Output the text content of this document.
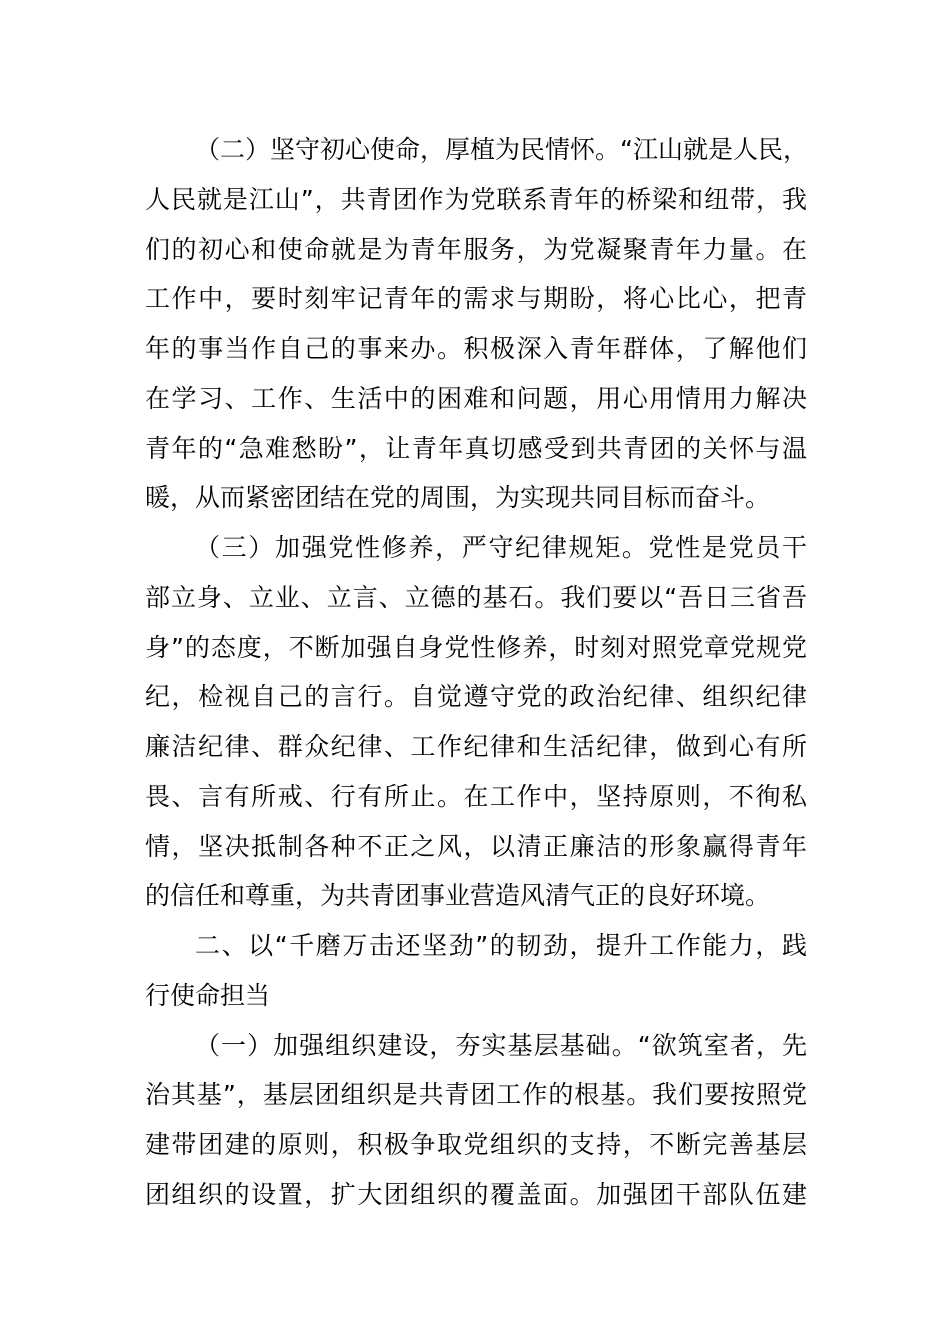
（二）坚守初心使命，厚植为民情怀。“江山就是人民，
人民就是江山”，共青团作为党联系青年的桥梁和纽带，我
们的初心和使命就是为青年服务，为党凝聚青年力量。在
工作中，要时刻牢记青年的需求与期盼，将心比心，把青
年的事当作自己的事来办。积极深入青年群体，了解他们
在学习、工作、生活中的困难和问题，用心用情用力解决
青年的“急难愁盼”，让青年真切感受到共青团的关怀与温
暖，从而紧密团结在党的周围，为实现共同目标而奋斗。
（三）加强党性修养，严守纪律规矩。党性是党员干
部立身、立业、立言、立德的基石。我们要以“吾日三省吾
身”的态度，不断加强自身党性修养，时刻对照党章党规党
纪，检视自己的言行。自觉遵守党的政治纪律、组织纪律
廉洁纪律、群众纪律、工作纪律和生活纪律，做到心有所
畏、言有所戒、行有所止。在工作中，坚持原则，不徇私
情，坚决抵制各种不正之风，以清正廉洁的形象赢得青年
的信任和尊重，为共青团事业营造风清气正的良好环境。
二、以“千磨万击还坚劲”的韧劲，提升工作能力，践
行使命担当
（一）加强组织建设，夯实基层基础。“欲筑室者，先
治其基”，基层团组织是共青团工作的根基。我们要按照党
建带团建的原则，积极争取党组织的支持，不断完善基层
团组织的设置，扩大团组织的覆盖面。加强团干部队伍建
